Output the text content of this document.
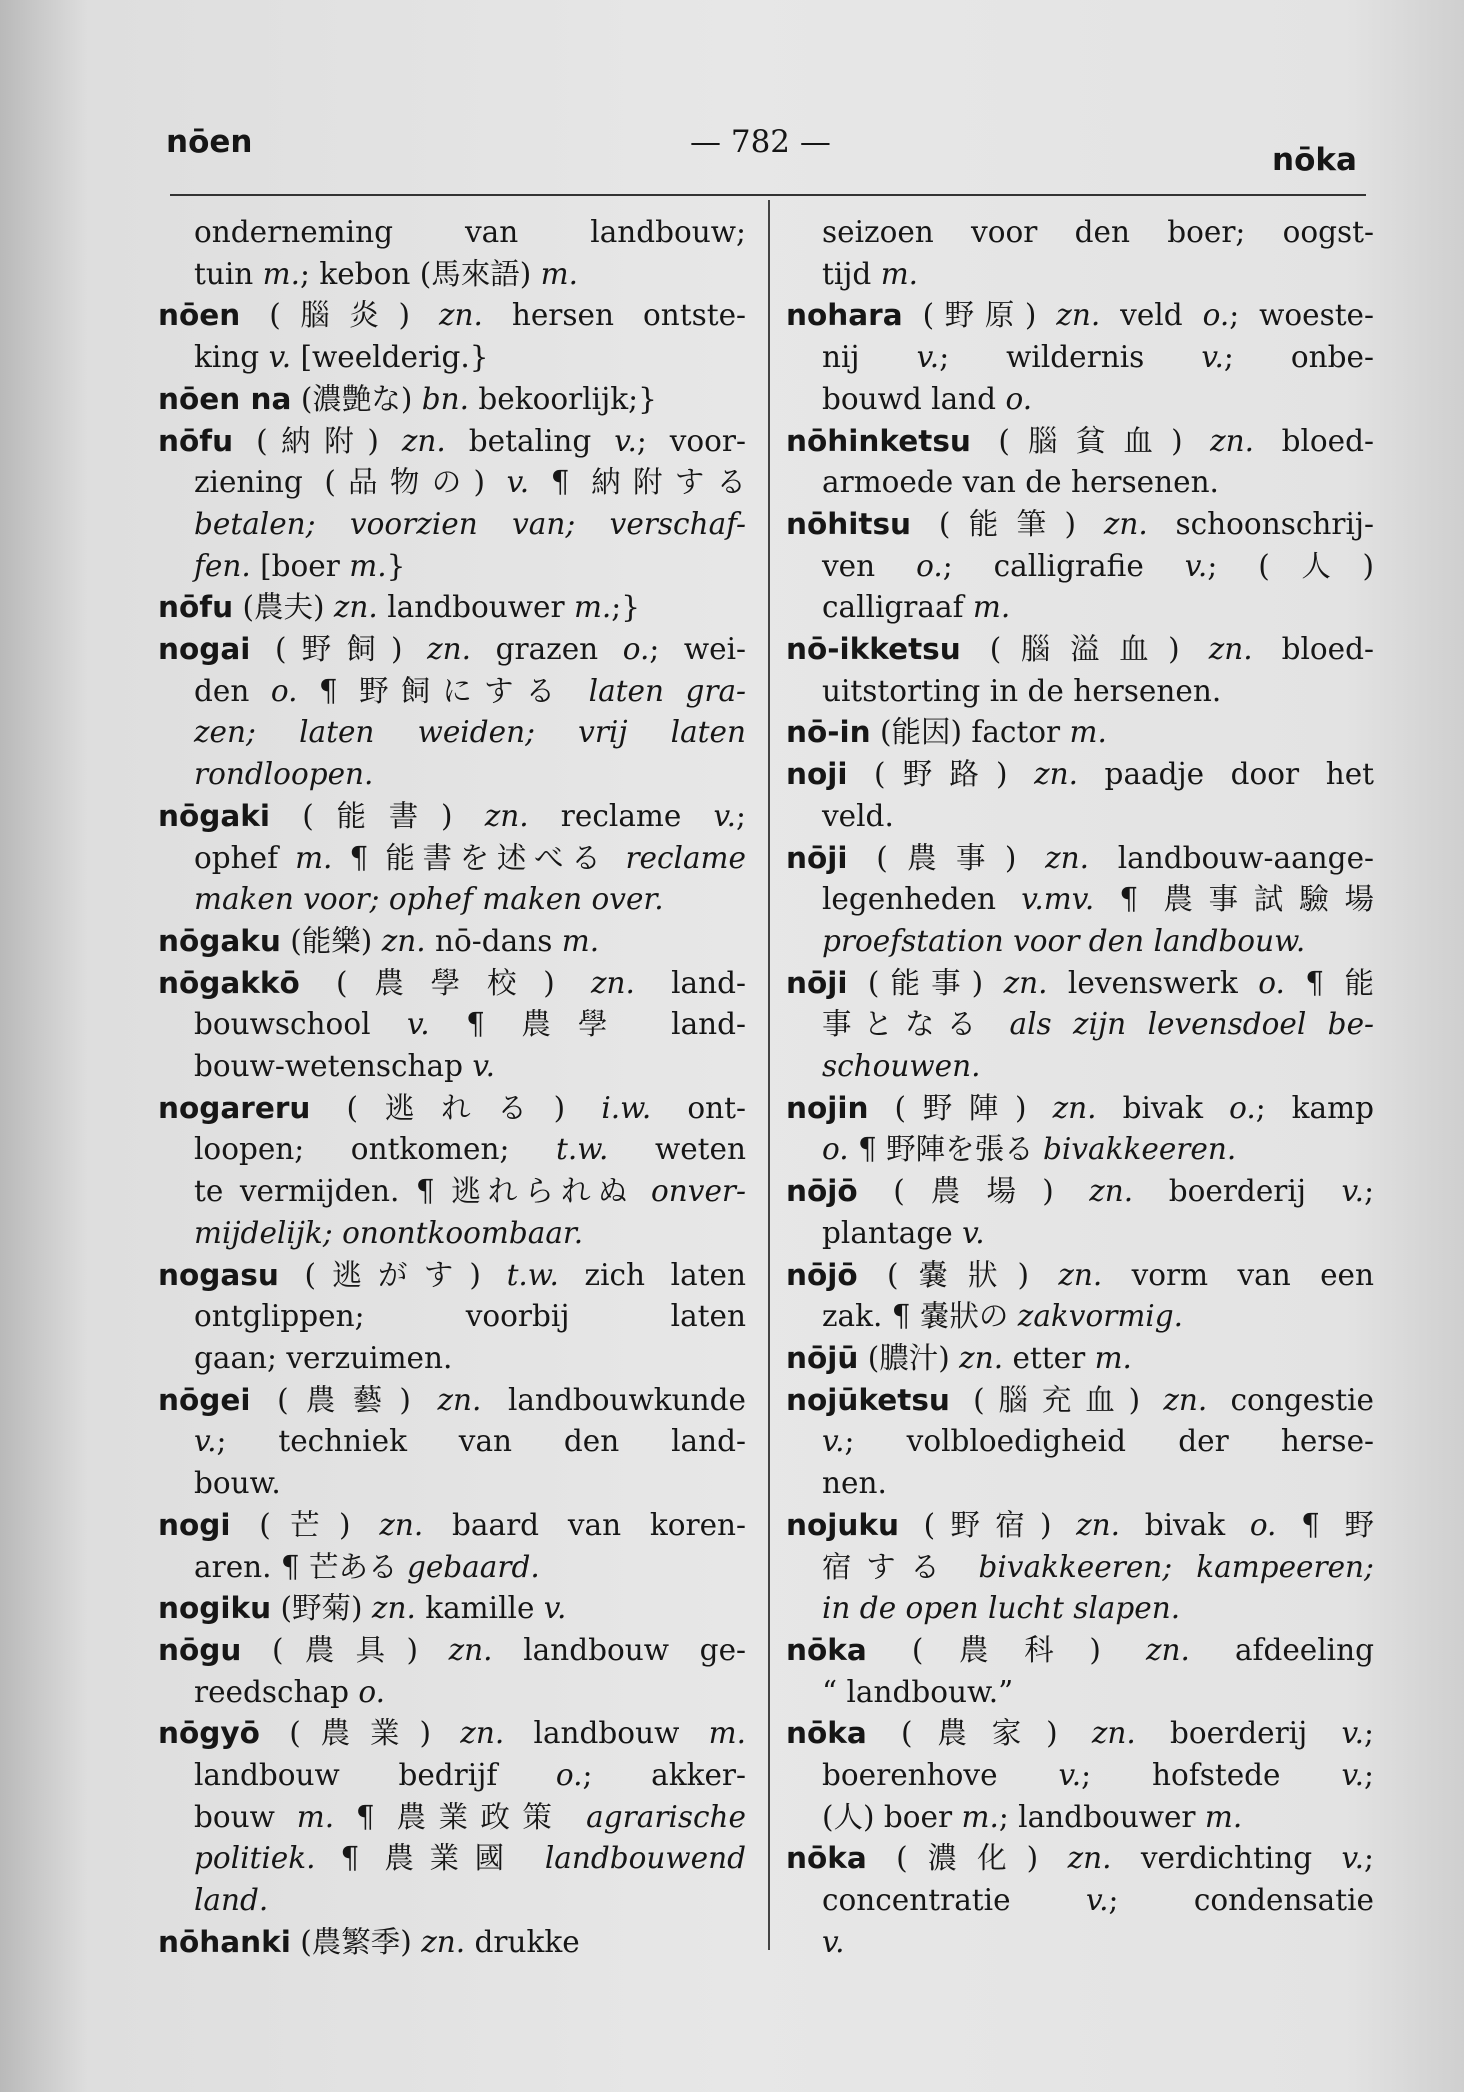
nōen	— 782 —	nōka
onderneming van landbouw;
tuin m.; kebon (馬來語) m.
nōen (腦炎) zn. hersen ontste-
king v. [weelderig.}
nōen na (濃艶な) bn. bekoorlijk;}
nōfu (納附) zn. betaling v.; voor-
ziening (品物の) v. ¶ 納附する
betalen; voorzien van; verschaf-
fen. [boer m.}
nōfu (農夫) zn. landbouwer m.;}
nogai (野飼) zn. grazen o.; wei-
den o. ¶ 野飼にする laten gra-
zen; laten weiden; vrij laten
rondloopen.
nōgaki (能書) zn. reclame v.;
ophef m. ¶ 能書を述べる reclame
maken voor; ophef maken over.
nōgaku (能樂) zn. nō-dans m.
nōgakkō (農學校) zn. land-
bouwschool v. ¶ 農學 land-
bouw-wetenschap v.
nogareru (逃れる) i.w. ont-
loopen; ontkomen; t.w. weten
te vermijden. ¶ 逃れられぬ onver-
mijdelijk; onontkoombaar.
nogasu (逃がす) t.w. zich laten
ontglippen; voorbij laten
gaan; verzuimen.
nōgei (農藝) zn. landbouwkunde
v.; techniek van den land-
bouw.
nogi (芒) zn. baard van koren-
aren. ¶ 芒ある gebaard.
nogiku (野菊) zn. kamille v.
nōgu (農具) zn. landbouw ge-
reedschap o.
nōgyō (農業) zn. landbouw m.
landbouw bedrijf o.; akker-
bouw m. ¶ 農業政策 agrarische
politiek. ¶ 農業國 landbouwend
land.
nōhanki (農繁季) zn. drukke
seizoen voor den boer; oogst-
tijd m.
nohara (野原) zn. veld o.; woeste-
nij v.; wildernis v.; onbe-
bouwd land o.
nōhinketsu (腦貧血) zn. bloed-
armoede van de hersenen.
nōhitsu (能筆) zn. schoonschrij-
ven o.; calligrafie v.; (人)
calligraaf m.
nō-ikketsu (腦溢血) zn. bloed-
uitstorting in de hersenen.
nō-in (能因) factor m.
noji (野路) zn. paadje door het
veld.
nōji (農事) zn. landbouw-aange-
legenheden v.mv. ¶ 農事試驗場
proefstation voor den landbouw.
nōji (能事) zn. levenswerk o. ¶ 能
事となる als zijn levensdoel be-
schouwen.
nojin (野陣) zn. bivak o.; kamp
o. ¶ 野陣を張る bivakkeeren.
nōjō (農場) zn. boerderij v.;
plantage v.
nōjō (嚢狀) zn. vorm van een
zak. ¶ 嚢狀の zakvormig.
nōjū (膿汁) zn. etter m.
nojūketsu (腦充血) zn. congestie
v.; volbloedigheid der herse-
nen.
nojuku (野宿) zn. bivak o. ¶ 野
宿する bivakkeeren; kampeeren;
in de open lucht slapen.
nōka (農科) zn. afdeeling
“ landbouw.”
nōka (農家) zn. boerderij v.;
boerenhove v.; hofstede v.;
(人) boer m.; landbouwer m.
nōka (濃化) zn. verdichting v.;
concentratie v.; condensatie
v.
